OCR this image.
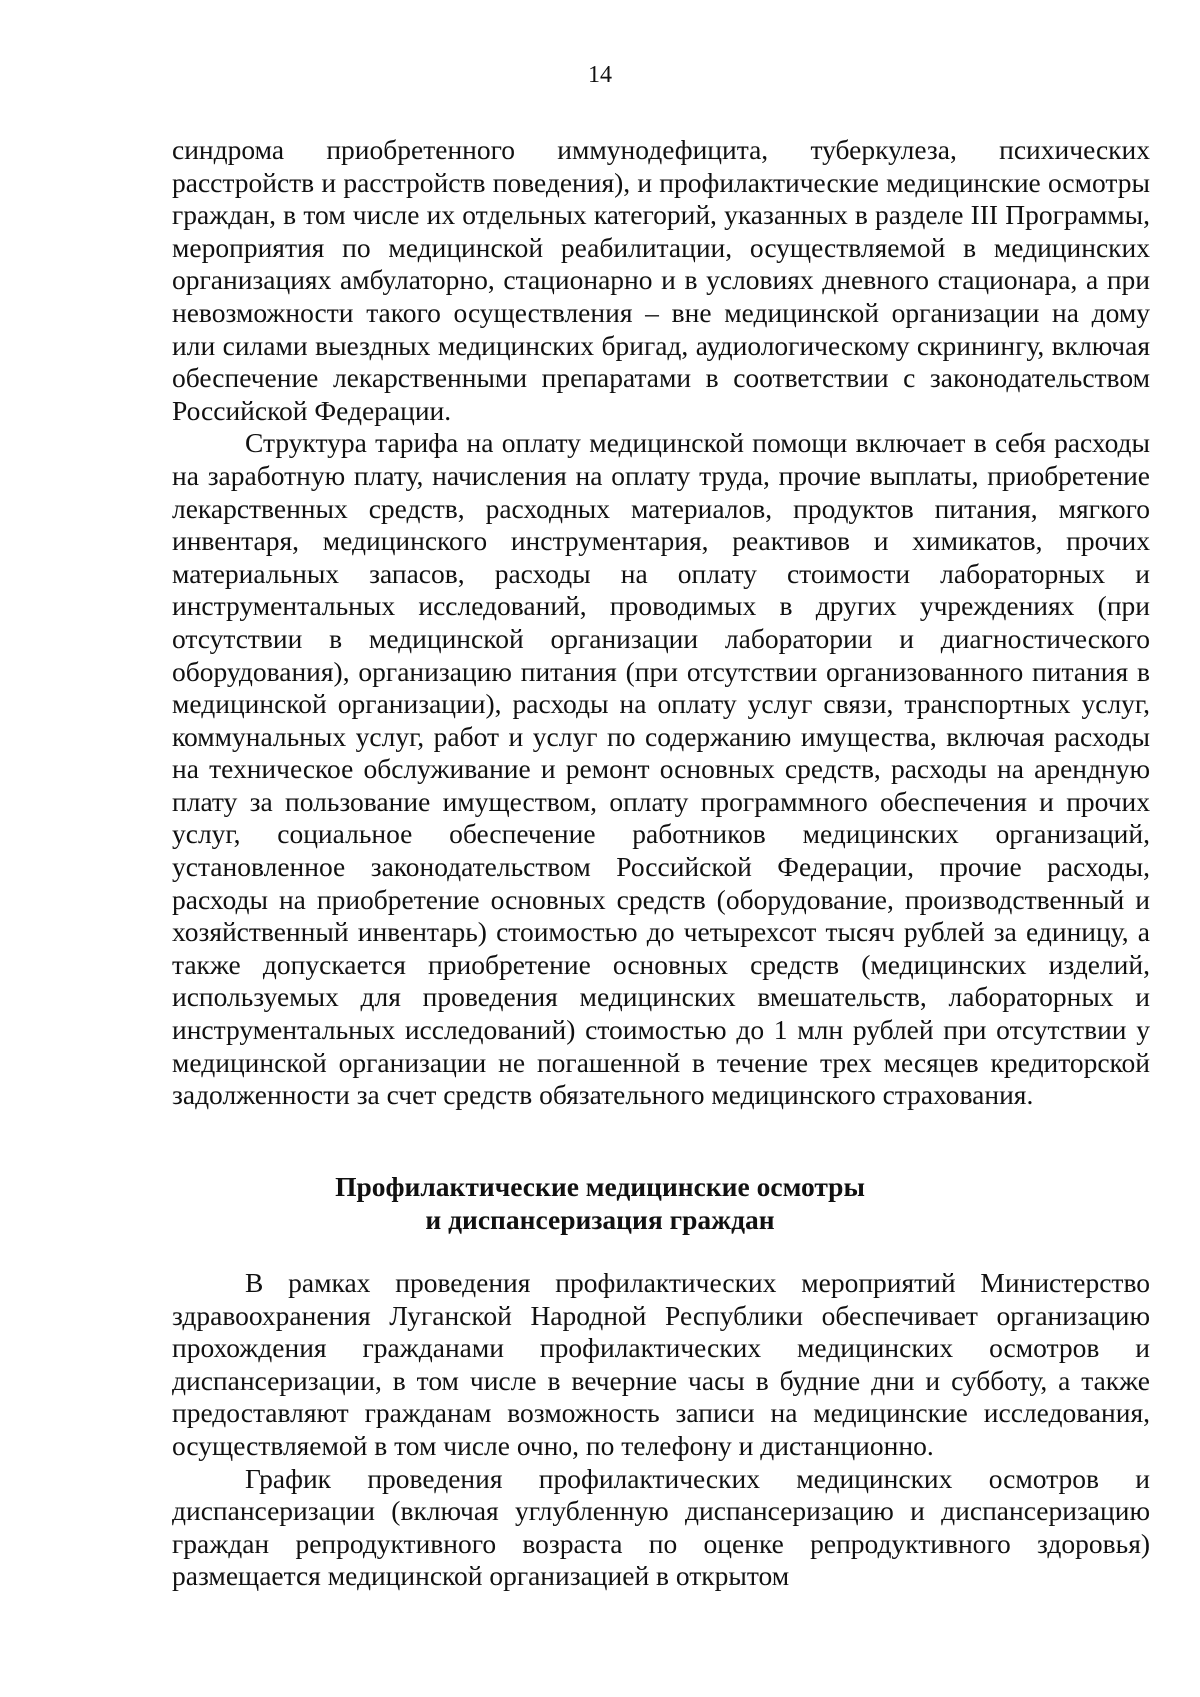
14

синдрома приобретенного иммунодефицита, туберкулеза, психических расстройств и расстройств поведения), и профилактические медицинские осмотры граждан, в том числе их отдельных категорий, указанных в разделе III Программы, мероприятия по медицинской реабилитации, осуществляемой в медицинских организациях амбулаторно, стационарно и в условиях дневного стационара, а при невозможности такого осуществления – вне медицинской организации на дому или силами выездных медицинских бригад, аудиологическому скринингу, включая обеспечение лекарственными препаратами в соответствии с законодательством Российской Федерации.

Структура тарифа на оплату медицинской помощи включает в себя расходы на заработную плату, начисления на оплату труда, прочие выплаты, приобретение лекарственных средств, расходных материалов, продуктов питания, мягкого инвентаря, медицинского инструментария, реактивов и химикатов, прочих материальных запасов, расходы на оплату стоимости лабораторных и инструментальных исследований, проводимых в других учреждениях (при отсутствии в медицинской организации лаборатории и диагностического оборудования), организацию питания (при отсутствии организованного питания в медицинской организации), расходы на оплату услуг связи, транспортных услуг, коммунальных услуг, работ и услуг по содержанию имущества, включая расходы на техническое обслуживание и ремонт основных средств, расходы на арендную плату за пользование имуществом, оплату программного обеспечения и прочих услуг, социальное обеспечение работников медицинских организаций, установленное законодательством Российской Федерации, прочие расходы, расходы на приобретение основных средств (оборудование, производственный и хозяйственный инвентарь) стоимостью до четырехсот тысяч рублей за единицу, а также допускается приобретение основных средств (медицинских изделий, используемых для проведения медицинских вмешательств, лабораторных и инструментальных исследований) стоимостью до 1 млн рублей при отсутствии у медицинской организации не погашенной в течение трех месяцев кредиторской задолженности за счет средств обязательного медицинского страхования.

Профилактические медицинские осмотры
и диспансеризация граждан

В рамках проведения профилактических мероприятий Министерство здравоохранения Луганской Народной Республики обеспечивает организацию прохождения гражданами профилактических медицинских осмотров и диспансеризации, в том числе в вечерние часы в будние дни и субботу, а также предоставляют гражданам возможность записи на медицинские исследования, осуществляемой в том числе очно, по телефону и дистанционно.

График проведения профилактических медицинских осмотров и диспансеризации (включая углубленную диспансеризацию и диспансеризацию граждан репродуктивного возраста по оценке репродуктивного здоровья) размещается медицинской организацией в открытом
